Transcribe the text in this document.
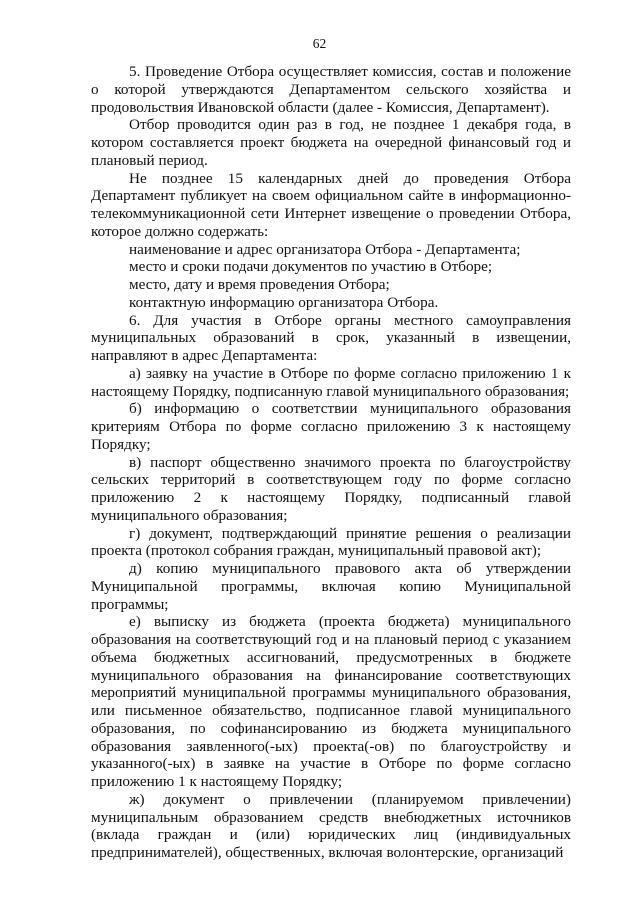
62

5. Проведение Отбора осуществляет комиссия, состав и положение о которой утверждаются Департаментом сельского хозяйства и продовольствия Ивановской области (далее - Комиссия, Департамент).

Отбор проводится один раз в год, не позднее 1 декабря года, в котором составляется проект бюджета на очередной финансовый год и плановый период.

Не позднее 15 календарных дней до проведения Отбора Департамент публикует на своем официальном сайте в информационно-телекоммуникационной сети Интернет извещение о проведении Отбора, которое должно содержать:

наименование и адрес организатора Отбора - Департамента;

место и сроки подачи документов по участию в Отборе;

место, дату и время проведения Отбора;

контактную информацию организатора Отбора.

6. Для участия в Отборе органы местного самоуправления муниципальных образований в срок, указанный в извещении, направляют в адрес Департамента:

а) заявку на участие в Отборе по форме согласно приложению 1 к настоящему Порядку, подписанную главой муниципального образования;

б) информацию о соответствии муниципального образования критериям Отбора по форме согласно приложению 3 к настоящему Порядку;

в) паспорт общественно значимого проекта по благоустройству сельских территорий в соответствующем году по форме согласно приложению 2 к настоящему Порядку, подписанный главой муниципального образования;

г) документ, подтверждающий принятие решения о реализации проекта (протокол собрания граждан, муниципальный правовой акт);

д) копию муниципального правового акта об утверждении Муниципальной программы, включая копию Муниципальной программы;

е) выписку из бюджета (проекта бюджета) муниципального образования на соответствующий год и на плановый период с указанием объема бюджетных ассигнований, предусмотренных в бюджете муниципального образования на финансирование соответствующих мероприятий муниципальной программы муниципального образования, или письменное обязательство, подписанное главой муниципального образования, по софинансированию из бюджета муниципального образования заявленного(-ых) проекта(-ов) по благоустройству и указанного(-ых) в заявке на участие в Отборе по форме согласно приложению 1 к настоящему Порядку;

ж) документ о привлечении (планируемом привлечении) муниципальным образованием средств внебюджетных источников (вклада граждан и (или) юридических лиц (индивидуальных предпринимателей), общественных, включая волонтерские, организаций
